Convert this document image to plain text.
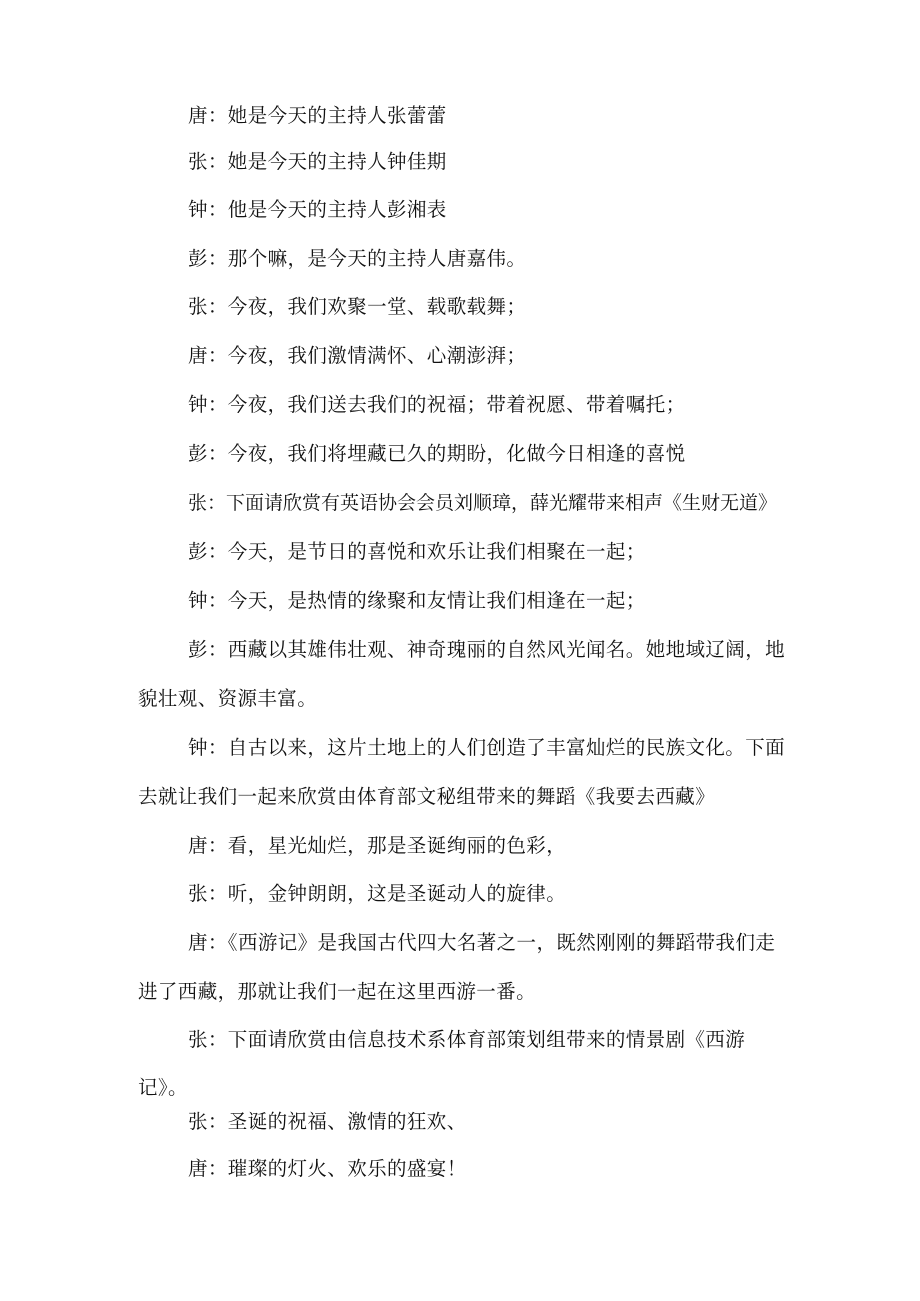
唐：她是今天的主持人张蕾蕾
张：她是今天的主持人钟佳期
钟：他是今天的主持人彭湘表
彭：那个嘛，是今天的主持人唐嘉伟。
张：今夜，我们欢聚一堂、载歌载舞；
唐：今夜，我们激情满怀、心潮澎湃；
钟：今夜，我们送去我们的祝福；带着祝愿、带着嘱托；
彭：今夜，我们将埋藏已久的期盼，化做今日相逢的喜悦
张：下面请欣赏有英语协会会员刘顺璋，薛光耀带来相声《生财无道》
彭：今天，是节日的喜悦和欢乐让我们相聚在一起；
钟：今天，是热情的缘聚和友情让我们相逢在一起；
彭：西藏以其雄伟壮观、神奇瑰丽的自然风光闻名。她地域辽阔，地
貌壮观、资源丰富。
钟：自古以来，这片土地上的人们创造了丰富灿烂的民族文化。下面
去就让我们一起来欣赏由体育部文秘组带来的舞蹈《我要去西藏》
唐：看，星光灿烂，那是圣诞绚丽的色彩，
张：听，金钟朗朗，这是圣诞动人的旋律。
唐：《西游记》是我国古代四大名著之一，既然刚刚的舞蹈带我们走
进了西藏，那就让我们一起在这里西游一番。
张：下面请欣赏由信息技术系体育部策划组带来的情景剧《西游
记》。
张：圣诞的祝福、激情的狂欢、
唐：璀璨的灯火、欢乐的盛宴！
